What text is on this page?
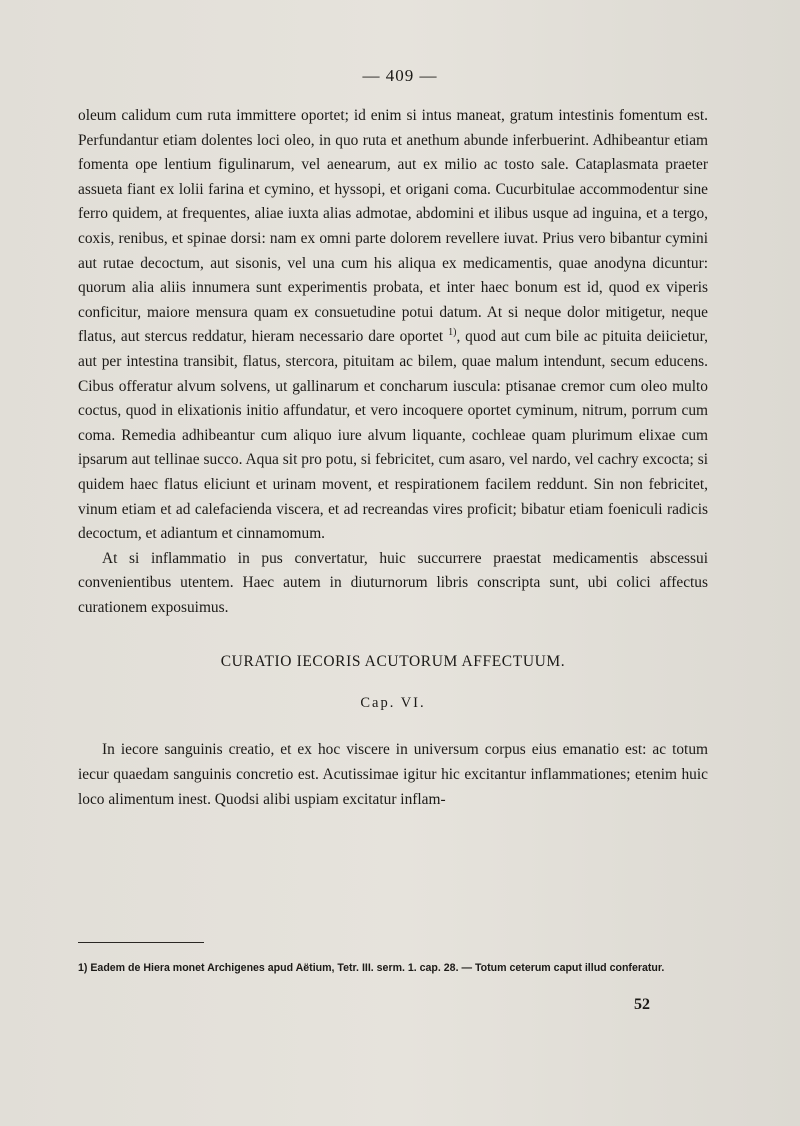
— 409 —

oleum calidum cum ruta immittere oportet; id enim si intus maneat, gratum intestinis fomentum est. Perfundantur etiam dolentes loci oleo, in quo ruta et anethum abunde inferbuerint. Adhibeantur etiam fomenta ope lentium figulinarum, vel aenearum, aut ex milio ac tosto sale. Cataplasmata praeter assueta fiant ex lolii farina et cymino, et hyssopi, et origani coma. Cucurbitulae accommodentur sine ferro quidem, at frequentes, aliae iuxta alias admotae, abdomini et ilibus usque ad inguina, et a tergo, coxis, renibus, et spinae dorsi: nam ex omni parte dolorem revellere iuvat. Prius vero bibantur cymini aut rutae decoctum, aut sisonis, vel una cum his aliqua ex medicamentis, quae anodyna dicuntur: quorum alia aliis innumera sunt experimentis probata, et inter haec bonum est id, quod ex viperis conficitur, maiore mensura quam ex consuetudine potui datum. At si neque dolor mitigetur, neque flatus, aut stercus reddatur, hieram necessario dare oportet $^{1)}$, quod aut cum bile ac pituita deiicietur, aut per intestina transibit, flatus, stercora, pituitam ac bilem, quae malum intendunt, secum educens. Cibus offeratur alvum solvens, ut gallinarum et concharum iuscula: ptisanae cremor cum oleo multo coctus, quod in elixationis initio affundatur, et vero incoquere oportet cyminum, nitrum, porrum cum coma. Remedia adhibeantur cum aliquo iure alvum liquante, cochleae quam plurimum elixae cum ipsarum aut tellinae succo. Aqua sit pro potu, si febricitet, cum asaro, vel nardo, vel cachry excocta; si quidem haec flatus eliciunt et urinam movent, et respirationem facilem reddunt. Sin non febricitet, vinum etiam et ad calefacienda viscera, et ad recreandas vires proficit; bibatur etiam foeniculi radicis decoctum, et adiantum et cinnamomum.

At si inflammatio in pus convertatur, huic succurrere praestat medicamentis abscessui convenientibus utentem. Haec autem in diuturnorum libris conscripta sunt, ubi colici affectus curationem exposuimus.

CURATIO IECORIS ACUTORUM AFFECTUUM.
Cap. VI.

In iecore sanguinis creatio, et ex hoc viscere in universum corpus eius emanatio est: ac totum iecur quaedam sanguinis concretio est. Acutissimae igitur hic excitantur inflammationes; etenim huic loco alimentum inest. Quodsi alibi uspiam excitatur inflam-

1) Eadem de Hiera monet Archigenes apud Aëtium, Tetr. III. serm. 1. cap. 28. — Totum ceterum caput illud conferatur.
52
